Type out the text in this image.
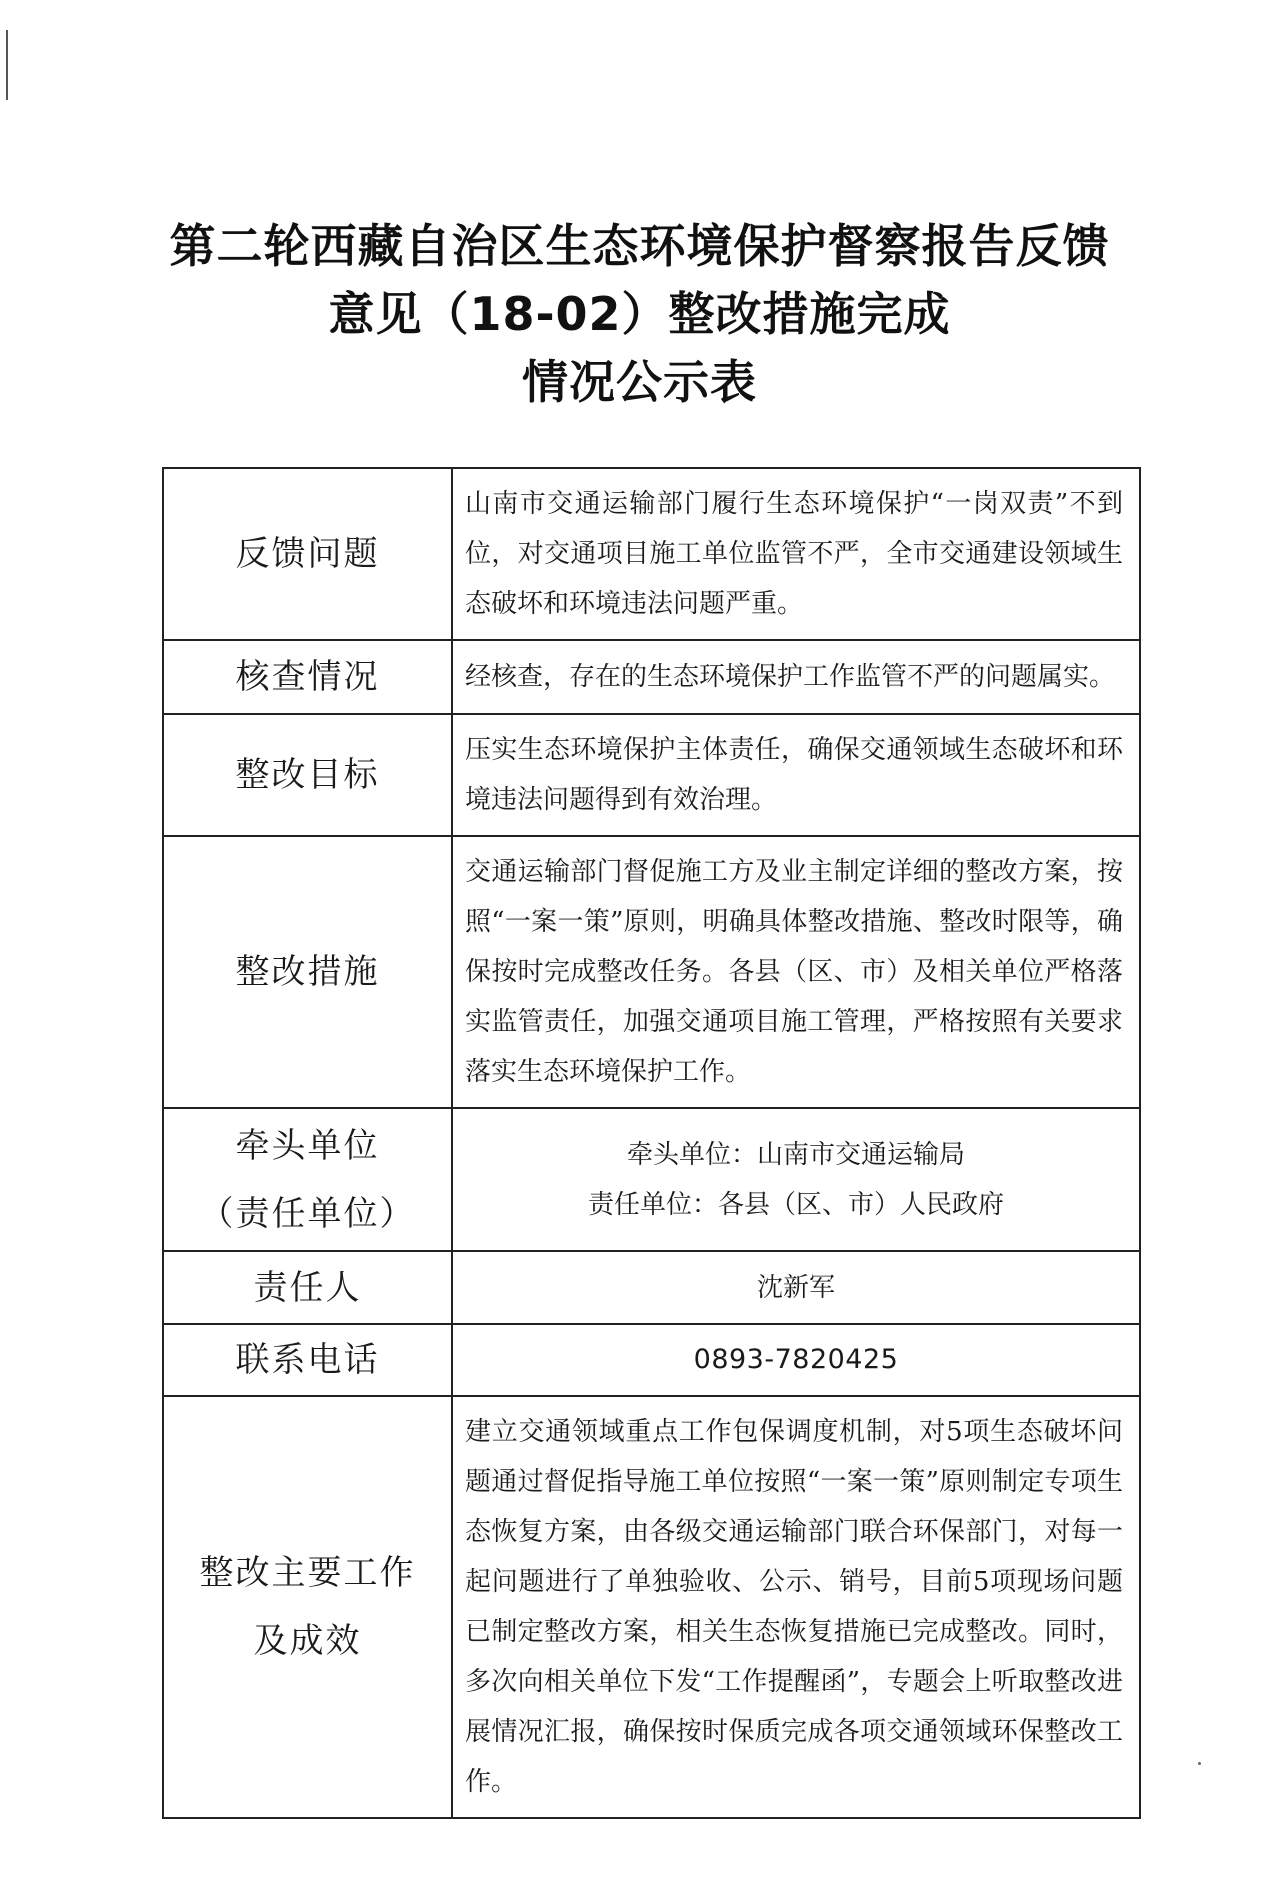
第二轮西藏自治区生态环境保护督察报告反馈
意见（18-02）整改措施完成
情况公示表
反馈问题	山南市交通运输部门履行生态环境保护“一岗双责”不到位，对交通项目施工单位监管不严，全市交通建设领域生态破坏和环境违法问题严重。

核查情况	经核查，存在的生态环境保护工作监管不严的问题属实。

整改目标	压实生态环境保护主体责任，确保交通领域生态破坏和环境违法问题得到有效治理。

整改措施	交通运输部门督促施工方及业主制定详细的整改方案，按照“一案一策”原则，明确具体整改措施、整改时限等，确保按时完成整改任务。各县（区、市）及相关单位严格落实监管责任，加强交通项目施工管理，严格按照有关要求落实生态环境保护工作。

牵头单位
（责任单位）	牵头单位：山南市交通运输局
责任单位：各县（区、市）人民政府

责任人	沈新军

联系电话	0893-7820425

整改主要工作
及成效	建立交通领域重点工作包保调度机制，对5项生态破坏问题通过督促指导施工单位按照“一案一策”原则制定专项生态恢复方案，由各级交通运输部门联合环保部门，对每一起问题进行了单独验收、公示、销号，目前5项现场问题已制定整改方案，相关生态恢复措施已完成整改。同时，多次向相关单位下发“工作提醒函”，专题会上听取整改进展情况汇报，确保按时保质完成各项交通领域环保整改工作。
